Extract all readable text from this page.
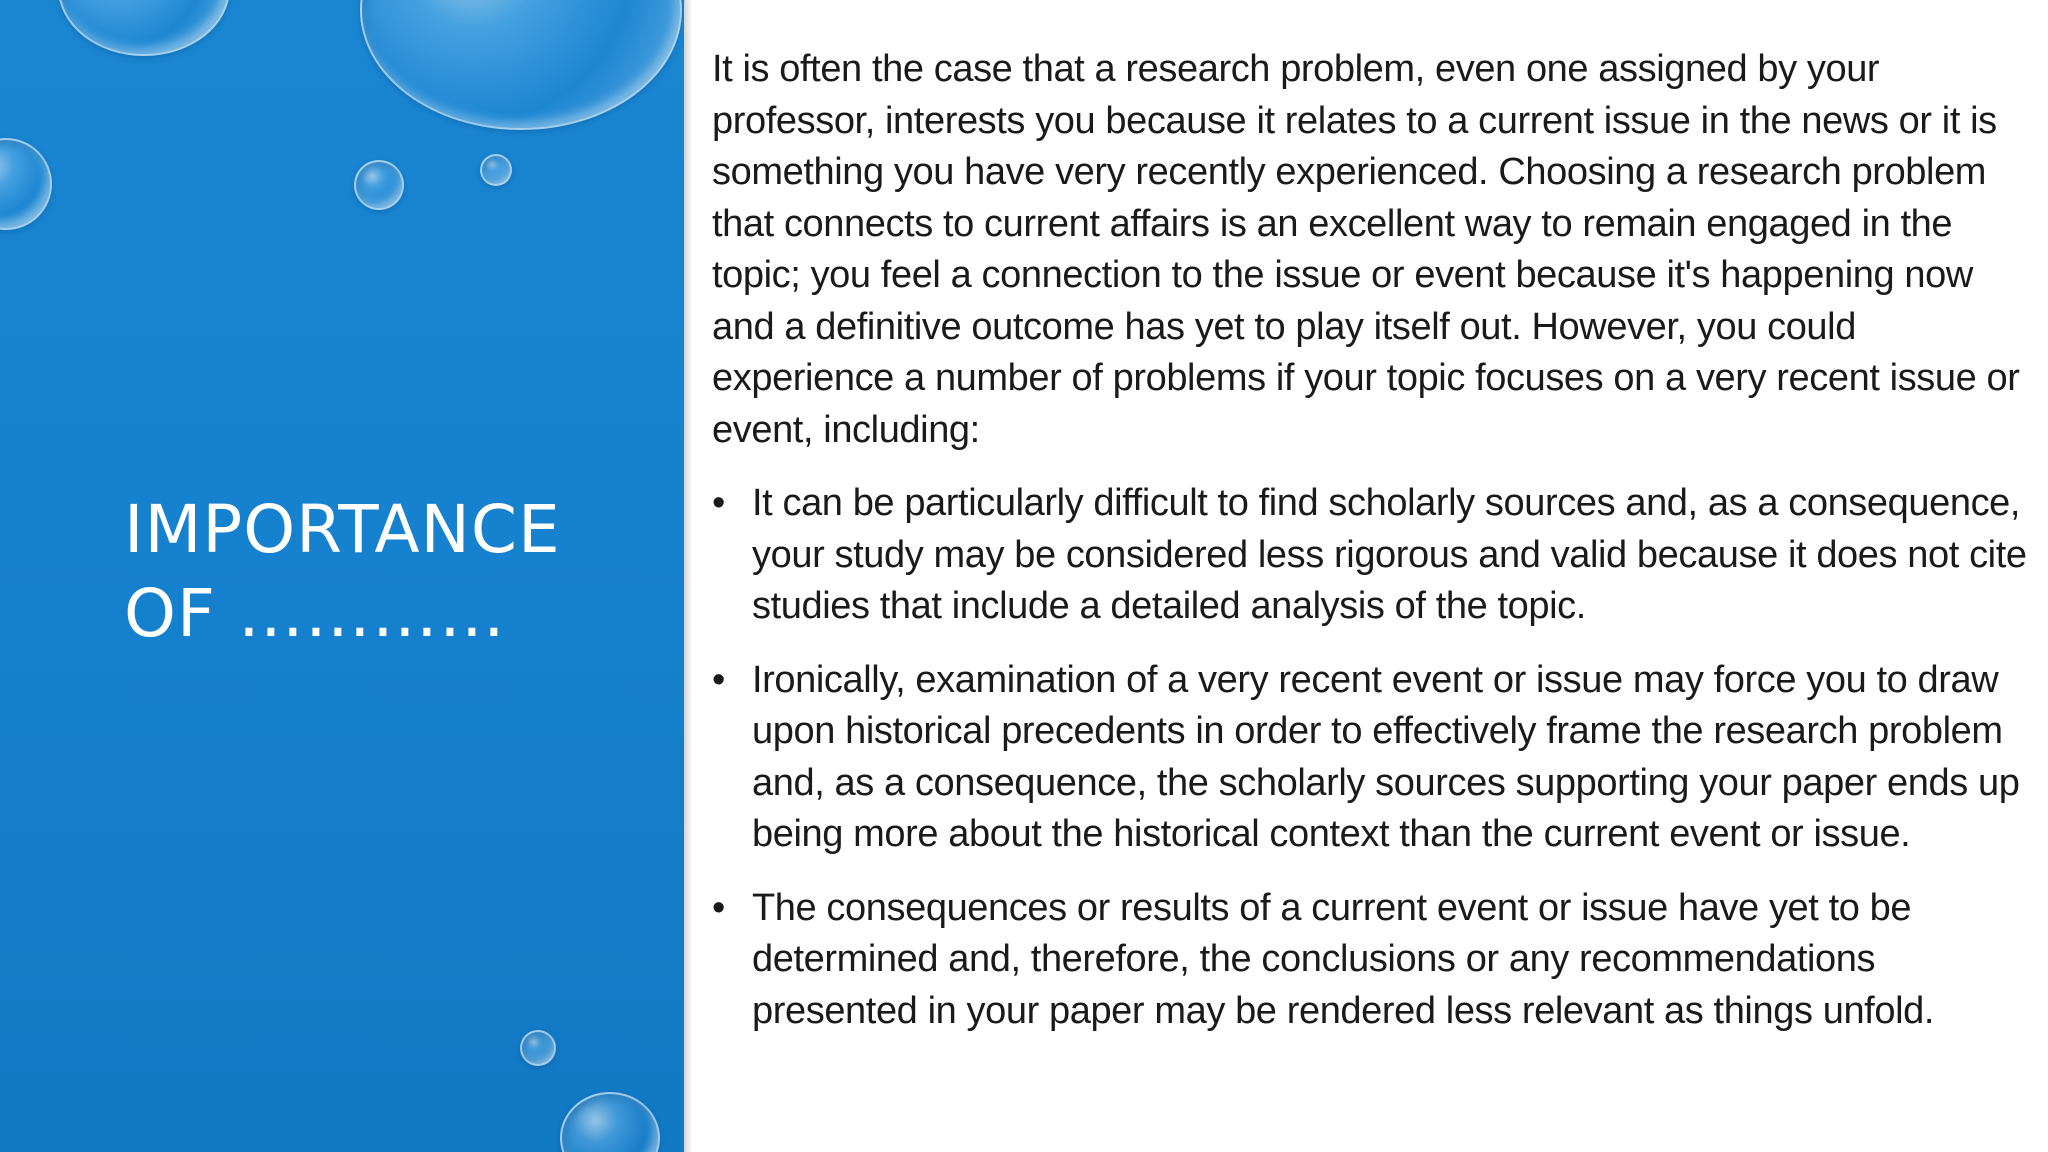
IMPORTANCE
OF …………

It is often the case that a research problem, even one assigned by your professor, interests you because it relates to a current issue in the news or it is something you have very recently experienced. Choosing a research problem that connects to current affairs is an excellent way to remain engaged in the topic; you feel a connection to the issue or event because it's happening now and a definitive outcome has yet to play itself out. However, you could experience a number of problems if your topic focuses on a very recent issue or event, including:

• It can be particularly difficult to find scholarly sources and, as a consequence, your study may be considered less rigorous and valid because it does not cite studies that include a detailed analysis of the topic.
• Ironically, examination of a very recent event or issue may force you to draw upon historical precedents in order to effectively frame the research problem and, as a consequence, the scholarly sources supporting your paper ends up being more about the historical context than the current event or issue.
• The consequences or results of a current event or issue have yet to be determined and, therefore, the conclusions or any recommendations presented in your paper may be rendered less relevant as things unfold.
